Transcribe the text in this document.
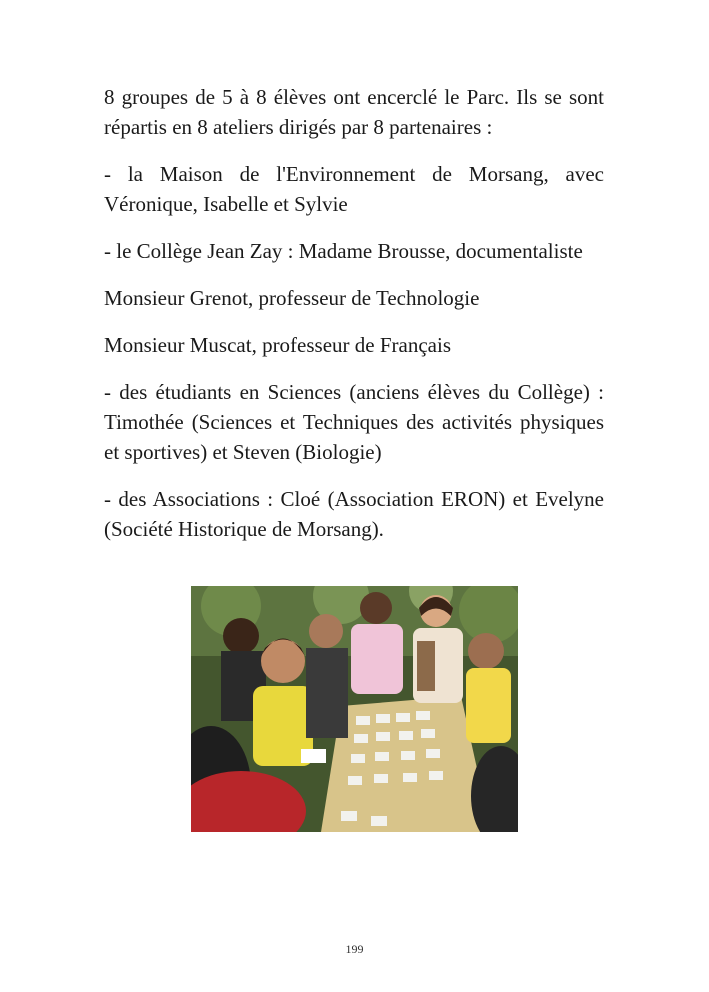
8 groupes de 5 à 8 élèves ont encerclé le Parc. Ils se sont répartis en 8 ateliers dirigés par 8 partenaires :

- la Maison de l'Environnement de Morsang, avec Véronique, Isabelle et Sylvie

- le Collège Jean Zay : Madame Brousse, documentaliste

Monsieur Grenot, professeur de Technologie

Monsieur Muscat, professeur de Français

- des étudiants en Sciences (anciens élèves du Collège) : Timothée (Sciences et Techniques des activités physiques et sportives) et Steven (Biologie)

- des Associations : Cloé (Association ERON) et Evelyne (Société Historique de Morsang).

199
